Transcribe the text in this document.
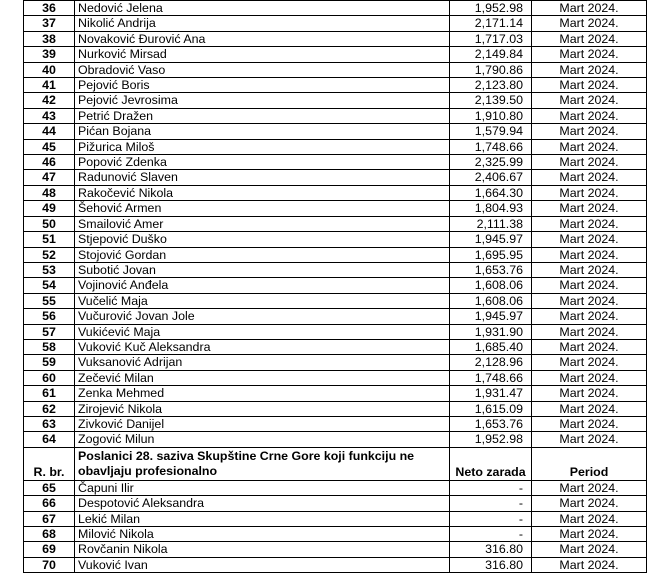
36	Nedović Jelena	1,952.98	Mart 2024.
37	Nikolić Andrija	2,171.14	Mart 2024.
38	Novaković Đurović Ana	1,717.03	Mart 2024.
39	Nurković Mirsad	2,149.84	Mart 2024.
40	Obradović Vaso	1,790.86	Mart 2024.
41	Pejović Boris	2,123.80	Mart 2024.
42	Pejović Jevrosima	2,139.50	Mart 2024.
43	Petrić Dražen	1,910.80	Mart 2024.
44	Pićan Bojana	1,579.94	Mart 2024.
45	Pižurica Miloš	1,748.66	Mart 2024.
46	Popović Zdenka	2,325.99	Mart 2024.
47	Radunović Slaven	2,406.67	Mart 2024.
48	Rakočević Nikola	1,664.30	Mart 2024.
49	Šehović Armen	1,804.93	Mart 2024.
50	Smailović Amer	2,111.38	Mart 2024.
51	Stjepović Duško	1,945.97	Mart 2024.
52	Stojović Gordan	1,695.95	Mart 2024.
53	Subotić Jovan	1,653.76	Mart 2024.
54	Vojinović Anđela	1,608.06	Mart 2024.
55	Vučelić Maja	1,608.06	Mart 2024.
56	Vučurović Jovan Jole	1,945.97	Mart 2024.
57	Vukićević Maja	1,931.90	Mart 2024.
58	Vuković Kuč Aleksandra	1,685.40	Mart 2024.
59	Vuksanović Adrijan	2,128.96	Mart 2024.
60	Zečević Milan	1,748.66	Mart 2024.
61	Zenka Mehmed	1,931.47	Mart 2024.
62	Zirojević Nikola	1,615.09	Mart 2024.
63	Zivković Danijel	1,653.76	Mart 2024.
64	Zogović Milun	1,952.98	Mart 2024.
R. br.	Poslanici 28. saziva Skupštine Crne Gore koji funkciju ne obavljaju profesionalno	Neto zarada	Period
65	Čapuni Ilir	-	Mart 2024.
66	Despotović Aleksandra	-	Mart 2024.
67	Lekić Milan	-	Mart 2024.
68	Milović Nikola	-	Mart 2024.
69	Rovčanin Nikola	316.80	Mart 2024.
70	Vuković Ivan	316.80	Mart 2024.
